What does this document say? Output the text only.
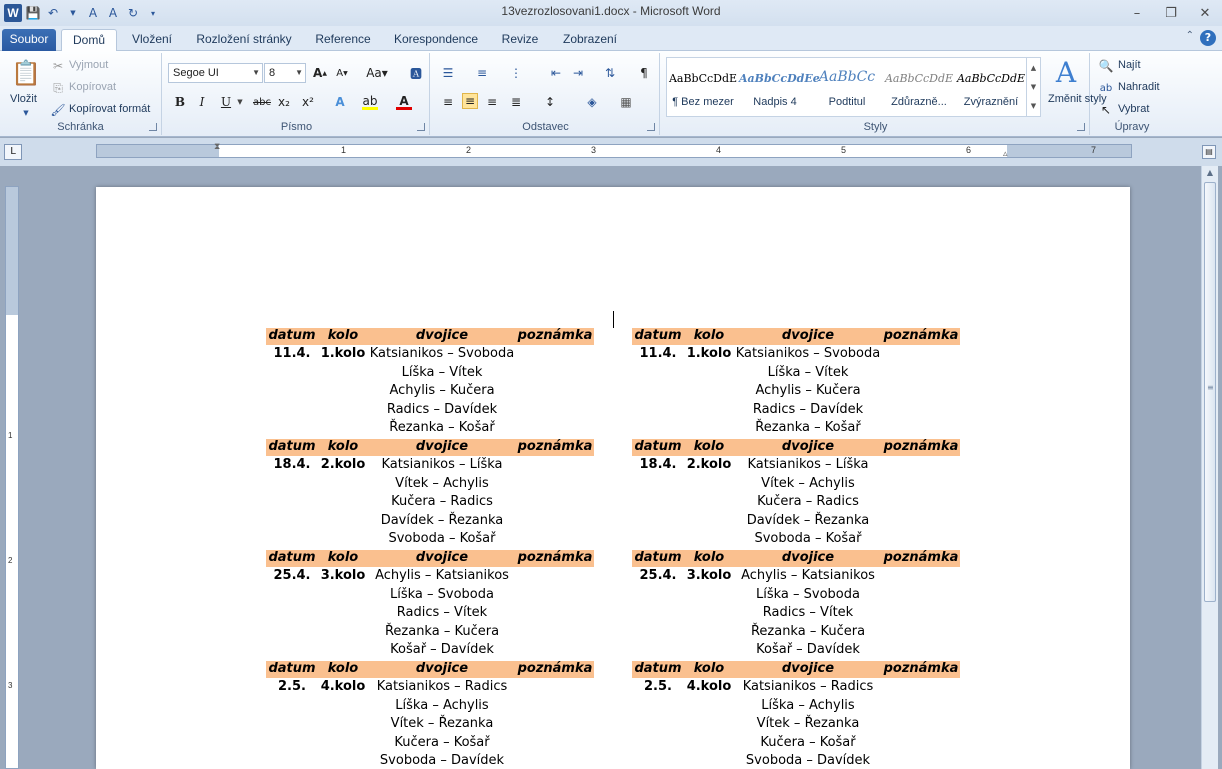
W 💾 ↶	▼	A A ↻	▾	13vezrozlosovani1.docx - Microsoft Word	–	❐	✕
Soubor	Domů	Vložení	Rozložení stránky	Reference	Korespondence	Revize	Zobrazení	⌃ ?
📋
Vložit
▼
✂ Vyjmout
⎘ Kopírovat
🖌 Kopírovat formát
Schránka
Segoe UI	▼ 8 ▼ A ▲ A ▼ Aa▾ 🅰
B	I	U ▼	abc x₂ x² A ab A
Písmo
☰ ≡ ⋮ ⇤ ⇥ ⇅	¶
≡ ≡ ≡ ≣ ↕	◈ ▦
Odstavec	Styly
A
Změnit styly
AaBbCcDdE
¶ Bez mezer
AaBbCcDdEe
Nadpis 4
AaBbCc
Podtitul
AaBbCcDdE
Zdůrazně...
AaBbCcDdE
Zvýraznění
▲
▼
▼
🔍 Najít
ab Nahradit
↖ Vybrat
Úpravy
L	1	2	3	4	5	6	7
⧗
▵	▤
1
2
3
▲
≡
datum kolo	dvojice	poznámka
11.4. 1.kolo Katsianikos – Svoboda
Líška – Vítek
Achylis – Kučera
Radics – Davídek
Řezanka – Košař
datum kolo	dvojice	poznámka
18.4. 2.kolo	Katsianikos – Líška
Vítek – Achylis
Kučera – Radics
Davídek – Řezanka
Svoboda – Košař
datum kolo	dvojice	poznámka
25.4. 3.kolo Achylis – Katsianikos
Líška – Svoboda
Radics – Vítek
Řezanka – Kučera
Košař – Davídek
datum kolo	dvojice	poznámka
2.5.	4.kolo Katsianikos – Radics
Líška – Achylis
Vítek – Řezanka
Kučera – Košař
Svoboda – Davídek
datum kolo	dvojice	poznámka
11.4. 1.kolo Katsianikos – Svoboda
Líška – Vítek
Achylis – Kučera
Radics – Davídek
Řezanka – Košař
datum kolo	dvojice	poznámka
18.4. 2.kolo	Katsianikos – Líška
Vítek – Achylis
Kučera – Radics
Davídek – Řezanka
Svoboda – Košař
datum kolo	dvojice	poznámka
25.4. 3.kolo Achylis – Katsianikos
Líška – Svoboda
Radics – Vítek
Řezanka – Kučera
Košař – Davídek
datum kolo	dvojice	poznámka
2.5.	4.kolo Katsianikos – Radics
Líška – Achylis
Vítek – Řezanka
Kučera – Košař
Svoboda – Davídek
